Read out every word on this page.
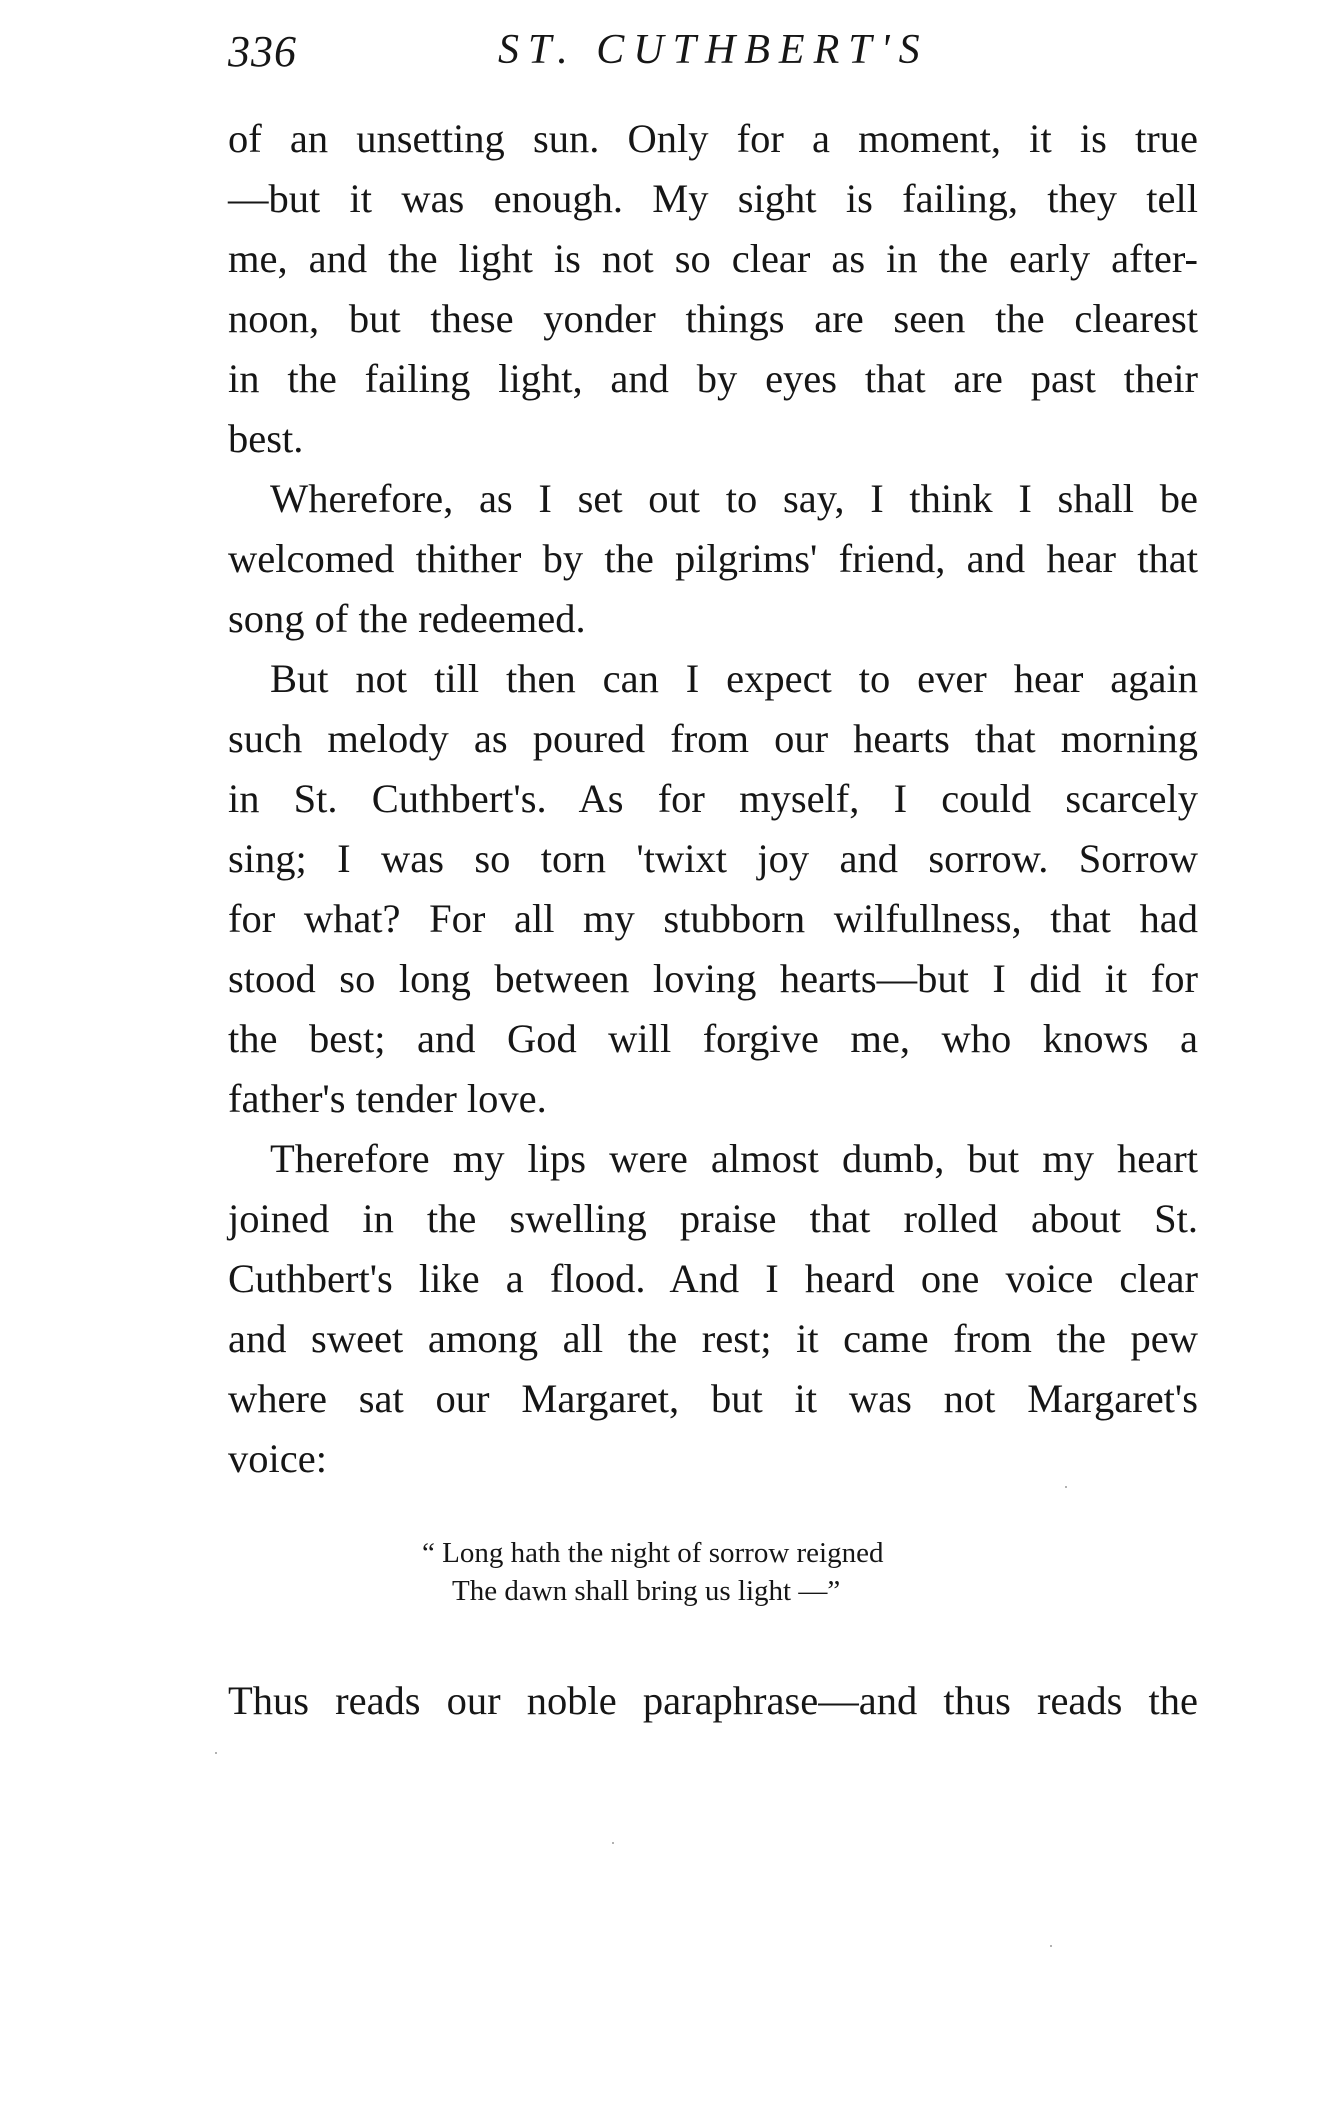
336	ST. CUTHBERT'S
of an unsetting sun. Only for a moment, it is true
—but it was enough. My sight is failing, they tell
me, and the light is not so clear as in the early after-
noon, but these yonder things are seen the clearest
in the failing light, and by eyes that are past their
best.
Wherefore, as I set out to say, I think I shall be
welcomed thither by the pilgrims' friend, and hear that
song of the redeemed.
But not till then can I expect to ever hear again
such melody as poured from our hearts that morning
in St. Cuthbert's. As for myself, I could scarcely
sing; I was so torn 'twixt joy and sorrow. Sorrow
for what? For all my stubborn wilfullness, that had
stood so long between loving hearts—but I did it for
the best; and God will forgive me, who knows a
father's tender love.
Therefore my lips were almost dumb, but my heart
joined in the swelling praise that rolled about St.
Cuthbert's like a flood. And I heard one voice clear
and sweet among all the rest; it came from the pew
where sat our Margaret, but it was not Margaret's
voice:
“ Long hath the night of sorrow reigned
The dawn shall bring us light —”
Thus reads our noble paraphrase—and thus reads the
